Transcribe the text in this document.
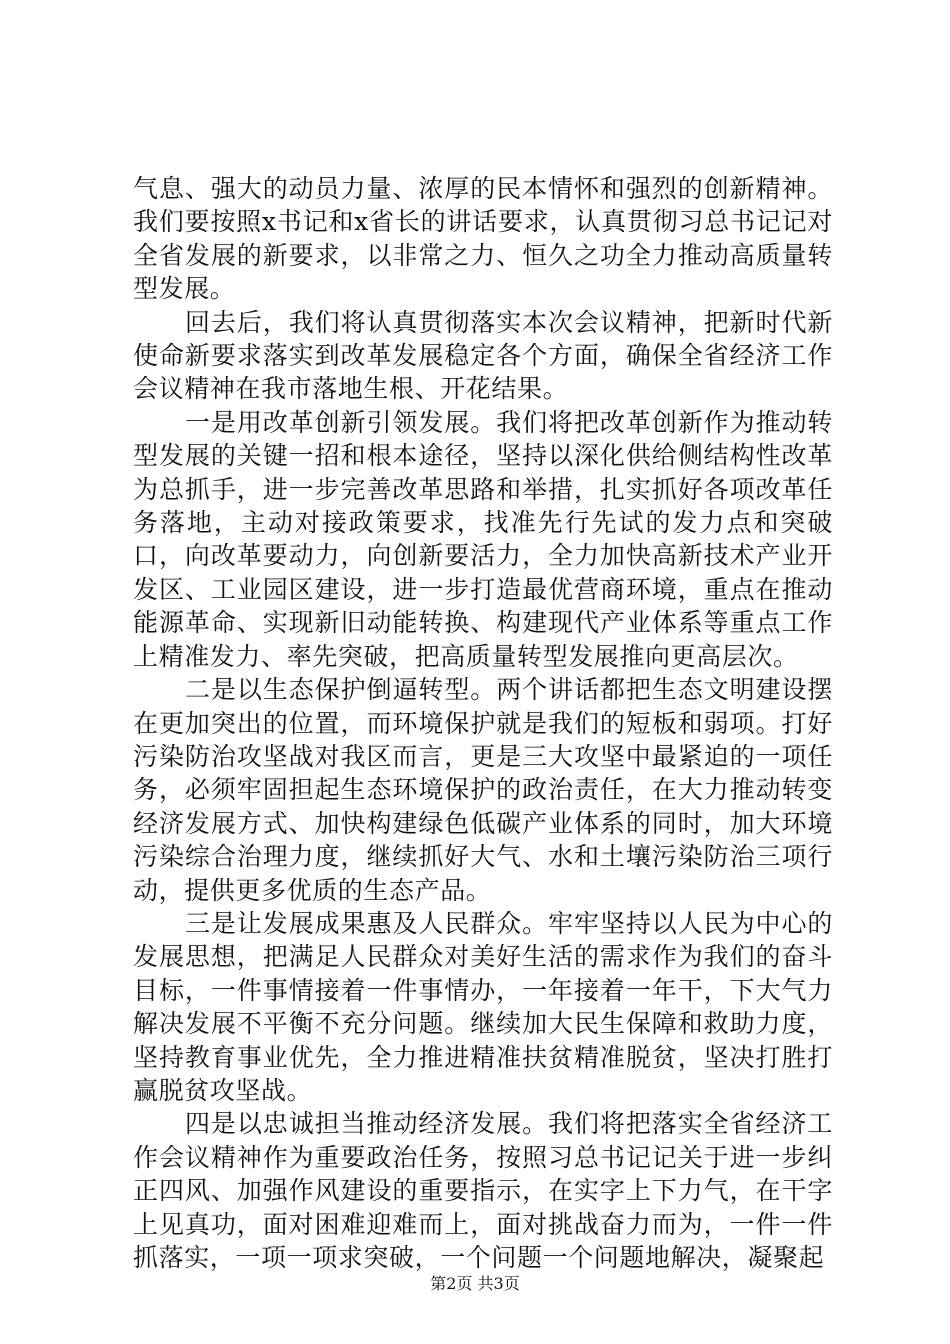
气息、强大的动员力量、浓厚的民本情怀和强烈的创新精神。我们要按照x书记和x省长的讲话要求，认真贯彻习总书记记对全省发展的新要求，以非常之力、恒久之功全力推动高质量转型发展。

回去后，我们将认真贯彻落实本次会议精神，把新时代新使命新要求落实到改革发展稳定各个方面，确保全省经济工作会议精神在我市落地生根、开花结果。

一是用改革创新引领发展。我们将把改革创新作为推动转型发展的关键一招和根本途径，坚持以深化供给侧结构性改革为总抓手，进一步完善改革思路和举措，扎实抓好各项改革任务落地，主动对接政策要求，找准先行先试的发力点和突破口，向改革要动力，向创新要活力，全力加快高新技术产业开发区、工业园区建设，进一步打造最优营商环境，重点在推动能源革命、实现新旧动能转换、构建现代产业体系等重点工作上精准发力、率先突破，把高质量转型发展推向更高层次。

二是以生态保护倒逼转型。两个讲话都把生态文明建设摆在更加突出的位置，而环境保护就是我们的短板和弱项。打好污染防治攻坚战对我区而言，更是三大攻坚中最紧迫的一项任务，必须牢固担起生态环境保护的政治责任，在大力推动转变经济发展方式、加快构建绿色低碳产业体系的同时，加大环境污染综合治理力度，继续抓好大气、水和土壤污染防治三项行动，提供更多优质的生态产品。

三是让发展成果惠及人民群众。牢牢坚持以人民为中心的发展思想，把满足人民群众对美好生活的需求作为我们的奋斗目标，一件事情接着一件事情办，一年接着一年干，下大气力解决发展不平衡不充分问题。继续加大民生保障和救助力度，坚持教育事业优先，全力推进精准扶贫精准脱贫，坚决打胜打赢脱贫攻坚战。

四是以忠诚担当推动经济发展。我们将把落实全省经济工作会议精神作为重要政治任务，按照习总书记记关于进一步纠正四风、加强作风建设的重要指示，在实字上下力气，在干字上见真功，面对困难迎难而上，面对挑战奋力而为，一件一件抓落实，一项一项求突破，一个问题一个问题地解决，凝聚起

第2页 共3页
